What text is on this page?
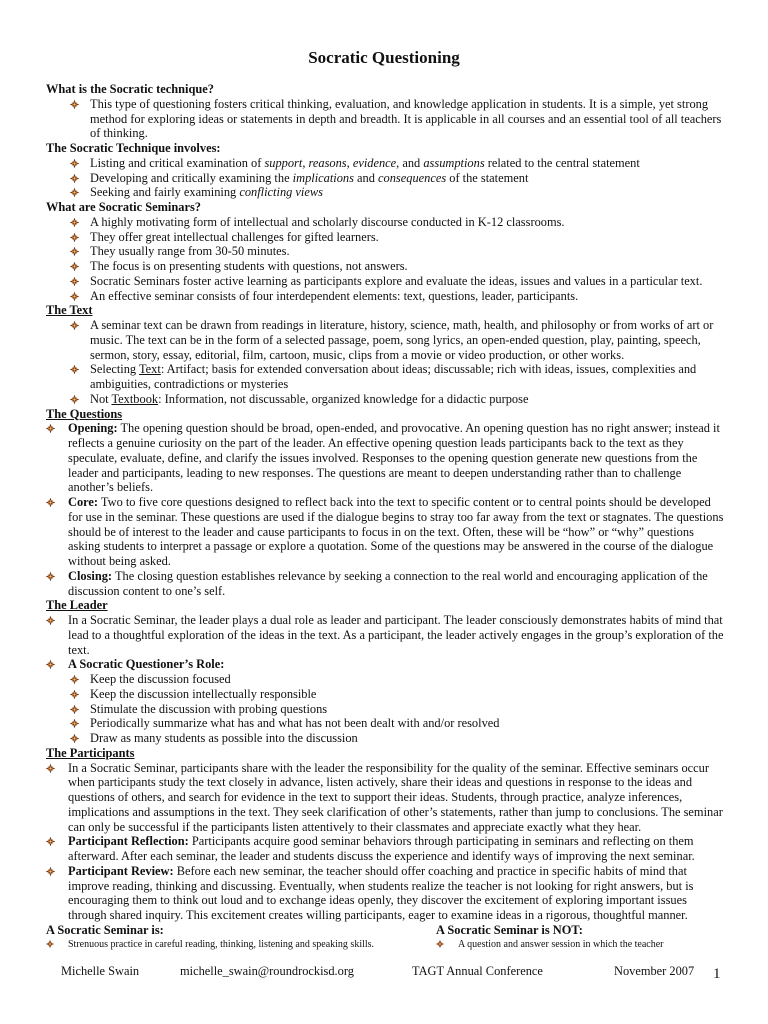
Socratic Questioning
What is the Socratic technique?
This type of questioning fosters critical thinking, evaluation, and knowledge application in students. It is a simple, yet strong method for exploring ideas or statements in depth and breadth. It is applicable in all courses and an essential tool of all teachers of thinking.
The Socratic Technique involves:
Listing and critical examination of support, reasons, evidence, and assumptions related to the central statement
Developing and critically examining the implications and consequences of the statement
Seeking and fairly examining conflicting views
What are Socratic Seminars?
A highly motivating form of intellectual and scholarly discourse conducted in K-12 classrooms.
They offer great intellectual challenges for gifted learners.
They usually range from 30-50 minutes.
The focus is on presenting students with questions, not answers.
Socratic Seminars foster active learning as participants explore and evaluate the ideas, issues and values in a particular text.
An effective seminar consists of four interdependent elements: text, questions, leader, participants.
The Text
A seminar text can be drawn from readings in literature, history, science, math, health, and philosophy or from works of art or music. The text can be in the form of a selected passage, poem, song lyrics, an open-ended question, play, painting, speech, sermon, story, essay, editorial, film, cartoon, music, clips from a movie or video production, or other works.
Selecting Text: Artifact; basis for extended conversation about ideas; discussable; rich with ideas, issues, complexities and ambiguities, contradictions or mysteries
Not Textbook: Information, not discussable, organized knowledge for a didactic purpose
The Questions
Opening: The opening question should be broad, open-ended, and provocative. An opening question has no right answer; instead it reflects a genuine curiosity on the part of the leader. An effective opening question leads participants back to the text as they speculate, evaluate, define, and clarify the issues involved. Responses to the opening question generate new questions from the leader and participants, leading to new responses. The questions are meant to deepen understanding rather than to challenge another’s beliefs.
Core: Two to five core questions designed to reflect back into the text to specific content or to central points should be developed for use in the seminar. These questions are used if the dialogue begins to stray too far away from the text or stagnates. The questions should be of interest to the leader and cause participants to focus in on the text. Often, these will be “how” or “why” questions asking students to interpret a passage or explore a quotation. Some of the questions may be answered in the course of the dialogue without being asked.
Closing: The closing question establishes relevance by seeking a connection to the real world and encouraging application of the discussion content to one’s self.
The Leader
In a Socratic Seminar, the leader plays a dual role as leader and participant. The leader consciously demonstrates habits of mind that lead to a thoughtful exploration of the ideas in the text. As a participant, the leader actively engages in the group’s exploration of the text.
A Socratic Questioner’s Role:
Keep the discussion focused
Keep the discussion intellectually responsible
Stimulate the discussion with probing questions
Periodically summarize what has and what has not been dealt with and/or resolved
Draw as many students as possible into the discussion
The Participants
In a Socratic Seminar, participants share with the leader the responsibility for the quality of the seminar. Effective seminars occur when participants study the text closely in advance, listen actively, share their ideas and questions in response to the ideas and questions of others, and search for evidence in the text to support their ideas. Students, through practice, analyze inferences, implications and assumptions in the text. They seek clarification of other’s statements, rather than jump to conclusions. The seminar can only be successful if the participants listen attentively to their classmates and appreciate exactly what they hear.
Participant Reflection: Participants acquire good seminar behaviors through participating in seminars and reflecting on them afterward. After each seminar, the leader and students discuss the experience and identify ways of improving the next seminar.
Participant Review: Before each new seminar, the teacher should offer coaching and practice in specific habits of mind that improve reading, thinking and discussing. Eventually, when students realize the teacher is not looking for right answers, but is encouraging them to think out loud and to exchange ideas openly, they discover the excitement of exploring important issues through shared inquiry. This excitement creates willing participants, eager to examine ideas in a rigorous, thoughtful manner.
A Socratic Seminar is:
Strenuous practice in careful reading, thinking, listening and speaking skills.
A Socratic Seminar is NOT:
A question and answer session in which the teacher
Michelle Swain	michelle_swain@roundrockisd.org	TAGT Annual Conference	November 2007 1
